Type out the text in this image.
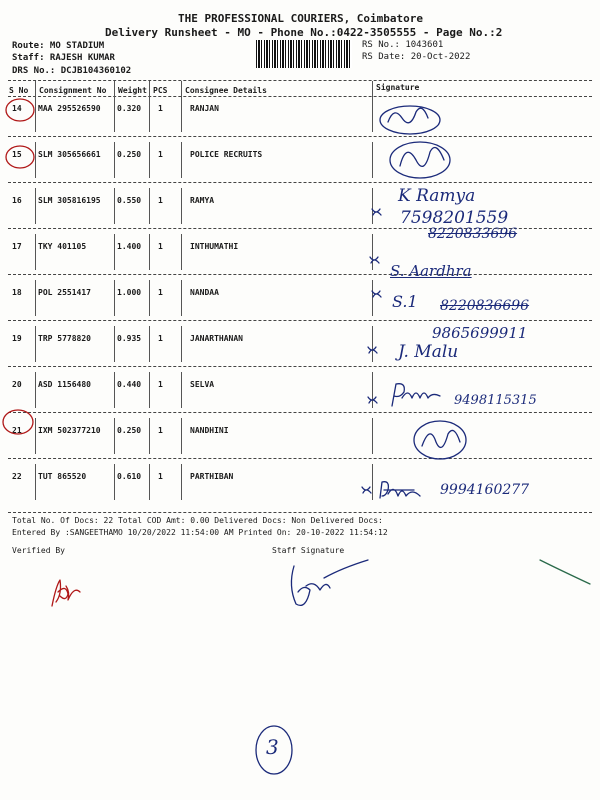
THE PROFESSIONAL COURIERS, Coimbatore
Delivery Runsheet - MO - Phone No.:0422-3505555 - Page No.:2
Route: MO STADIUM
Staff: RAJESH KUMAR
DRS No.: DCJB104360102
RS No.: 1043601
RS Date: 20-Oct-2022
S No Consignment No Weight PCS Consignee Details	Signature
14 MAA 295526590 0.320 1	RANJAN
15 SLM 305656661 0.250 1	POLICE RECRUITS
16 SLM 305816195 0.550 1	RAMYA
17 TKY 401105	1.400 1	INTHUMATHI
18 POL 2551417	1.000 1	NANDAA
19 TRP 5778820	0.935 1	JANARTHANAN
20 ASD 1156480	0.440 1	SELVA
21 IXM 502377210 0.250 1	NANDHINI
22 TUT 865520	0.610 1	PARTHIBAN
Total No. Of Docs: 22 Total COD Amt: 0.00 Delivered Docs: Non Delivered Docs:
Entered By :SANGEETHAMO 10/20/2022 11:54:00 AM Printed On: 20-10-2022 11:54:12
Verified By	Staff Signature
K Ramya
7598201559
8220833696
S. Aardhra
S.1 8220836696
9865699911
J. Malu
9498115315
9994160277
3
